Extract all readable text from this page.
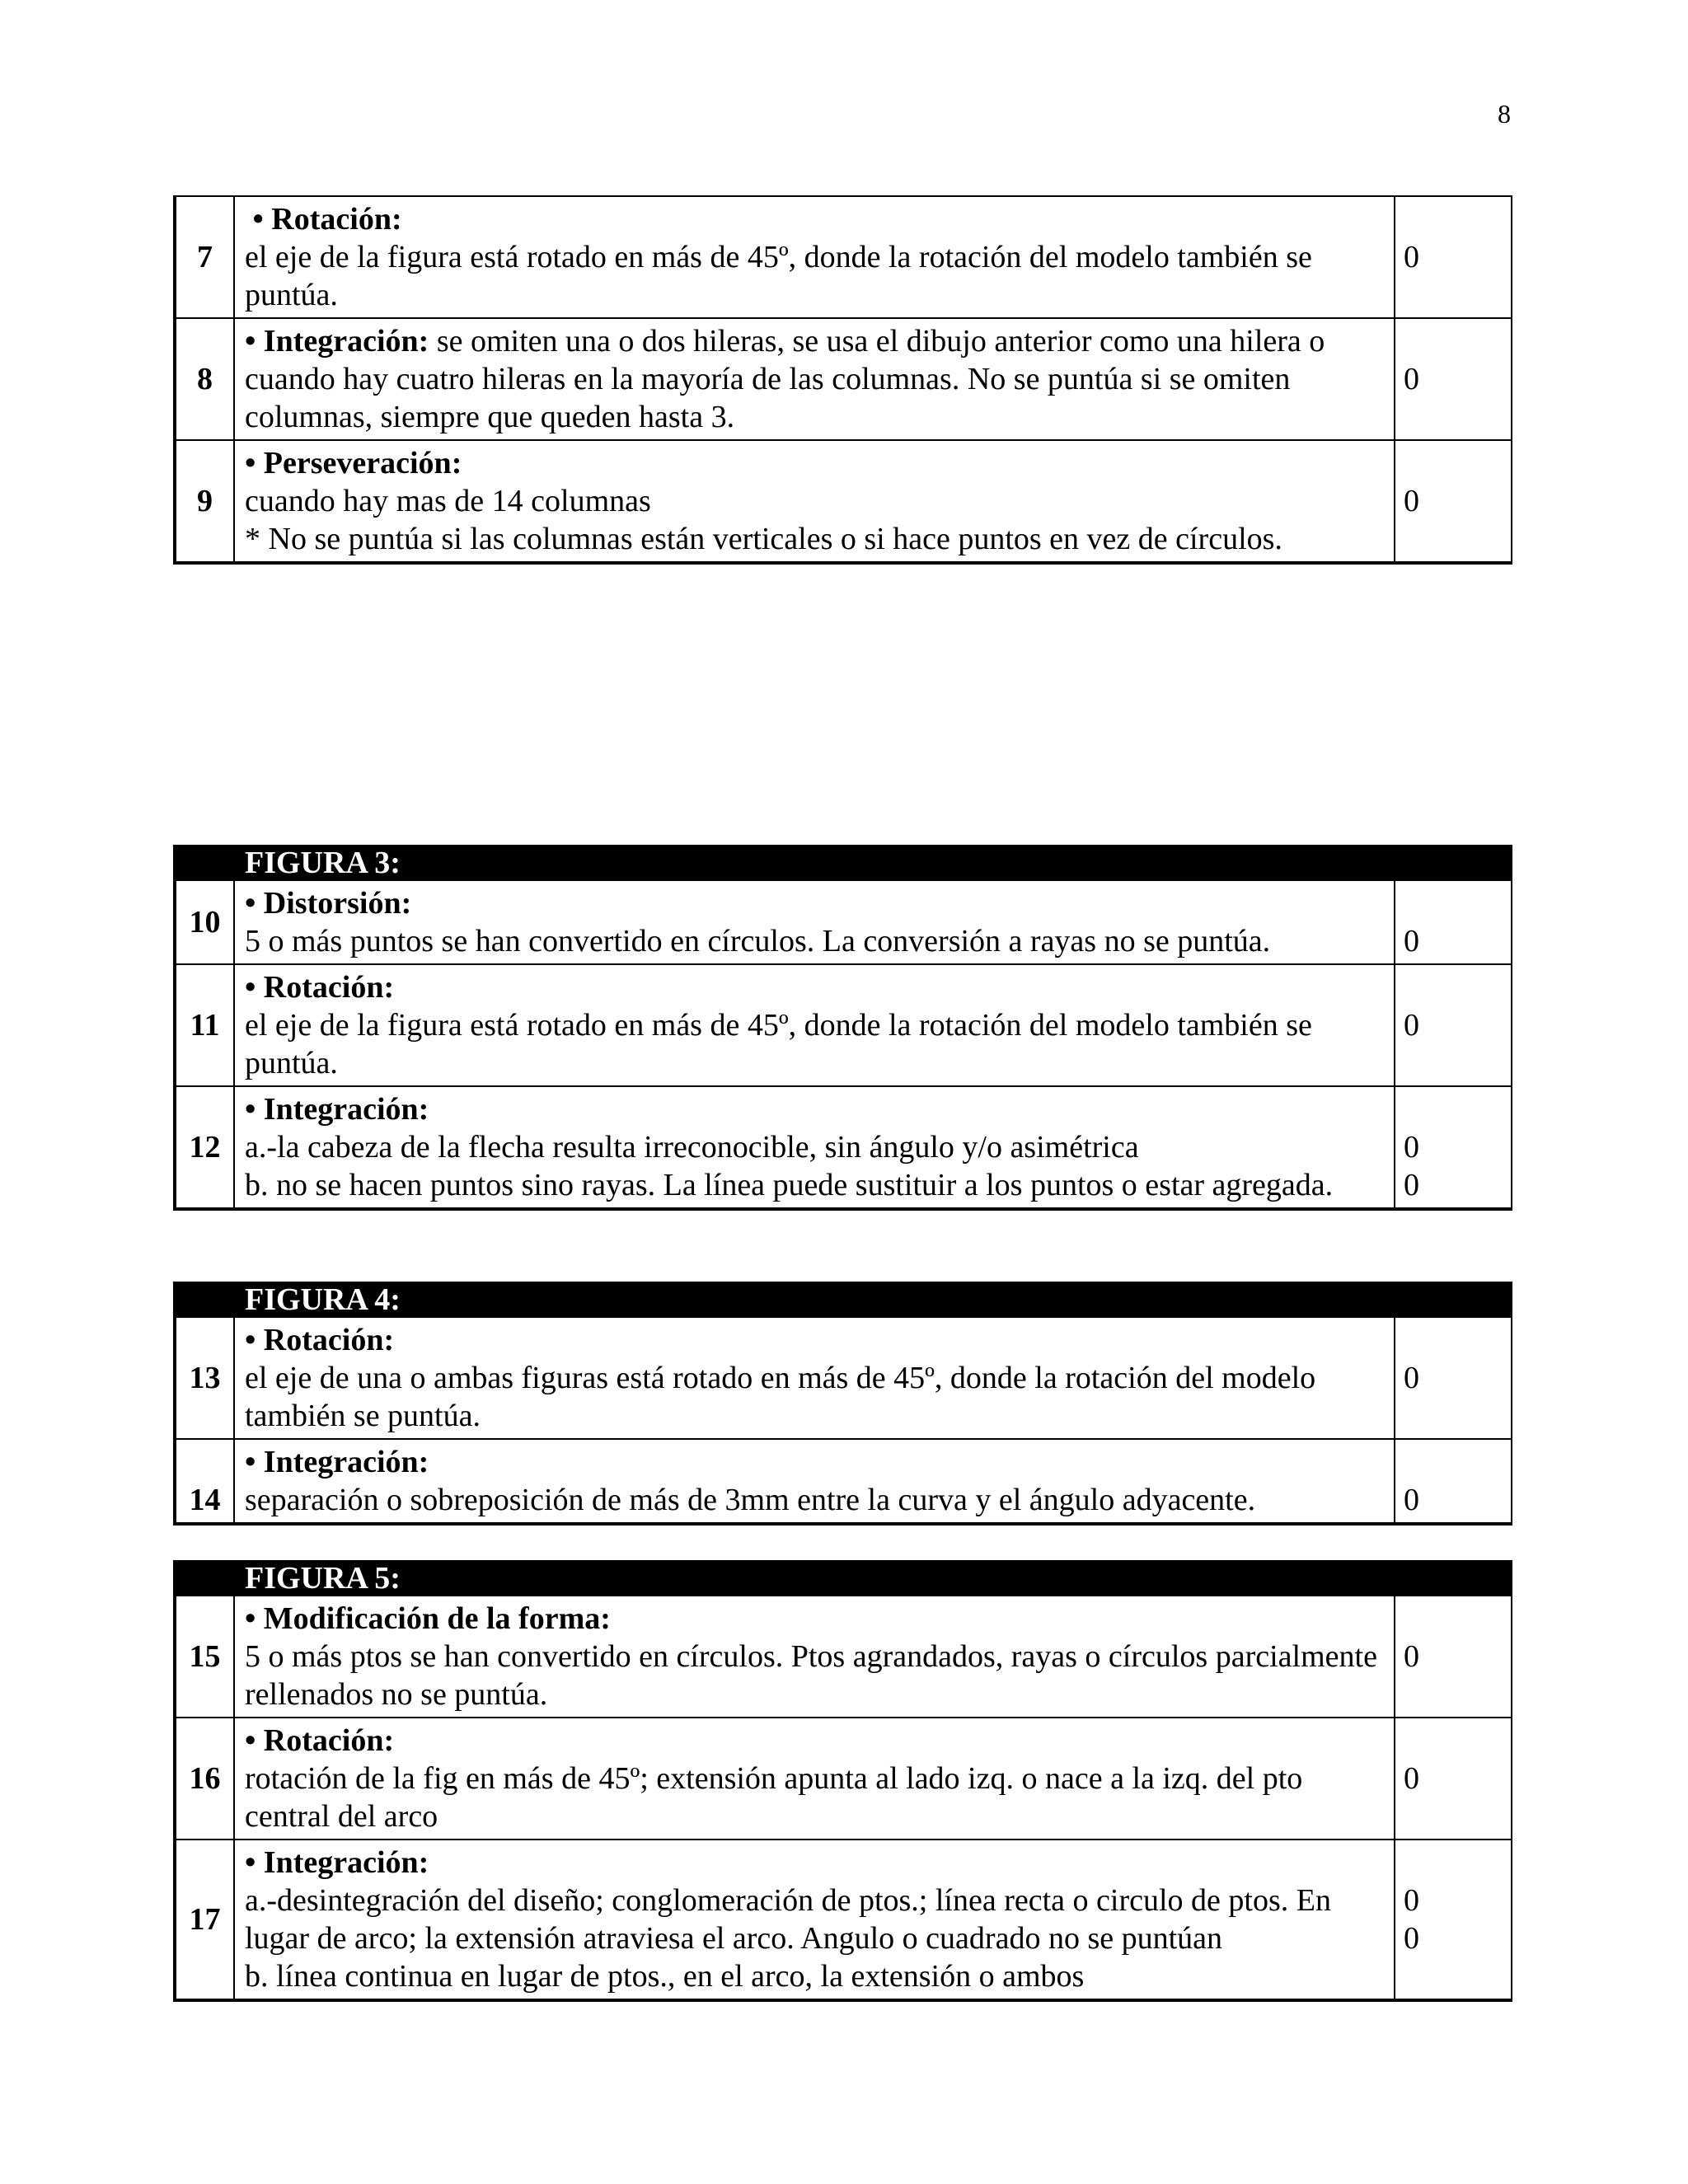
8
7	• Rotación:
el eje de la figura está rotado en más de 45º, donde la rotación del modelo también se puntúa.	0

8	• Integración: se omiten una o dos hileras, se usa el dibujo anterior como una hilera o cuando hay cuatro hileras en la mayoría de las columnas. No se puntúa si se omiten columnas, siempre que queden hasta 3.	0

9	• Perseveración:
cuando hay mas de 14 columnas
* No se puntúa si las columnas están verticales o si hace puntos en vez de círculos.	0
	FIGURA 3:	
10	• Distorsión:
5 o más puntos se han convertido en círculos. La conversión a rayas no se puntúa.	0

11	• Rotación:
el eje de la figura está rotado en más de 45º, donde la rotación del modelo también se puntúa.	0

12	• Integración:
a.-la cabeza de la flecha resulta irreconocible, sin ángulo y/o asimétrica
b. no se hacen puntos sino rayas. La línea puede sustituir a los puntos o estar agregada.	0
0
	FIGURA 4:	
13	• Rotación:
el eje de una o ambas figuras está rotado en más de 45º, donde la rotación del modelo también se puntúa.	0

14	• Integración:
separación o sobreposición de más de 3mm entre la curva y el ángulo adyacente.	0
	FIGURA 5:	
15	• Modificación de la forma:
5 o más ptos se han convertido en círculos. Ptos agrandados, rayas o círculos parcialmente rellenados no se puntúa.	0

16	• Rotación:
rotación de la fig en más de 45º; extensión apunta al lado izq. o nace a la izq. del pto central del arco	0

17	• Integración:
a.-desintegración del diseño; conglomeración de ptos.; línea recta o circulo de ptos. En lugar de arco; la extensión atraviesa el arco. Angulo o cuadrado no se puntúan
b. línea continua en lugar de ptos., en el arco, la extensión o ambos	0
0
